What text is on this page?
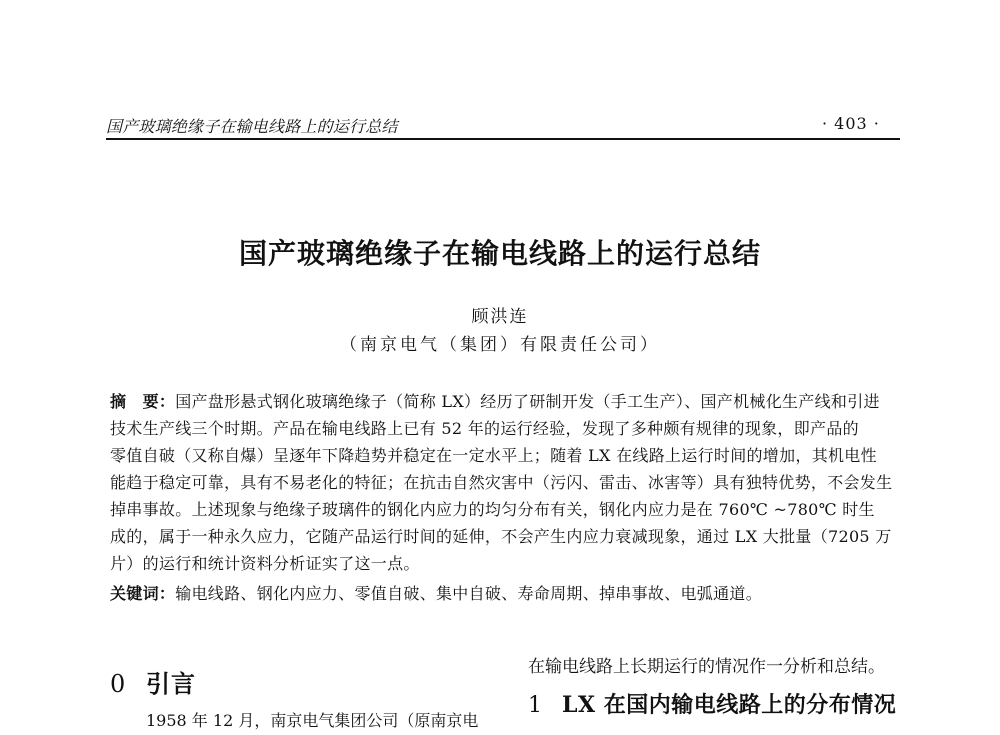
国产玻璃绝缘子在输电线路上的运行总结	· 403 ·
国产玻璃绝缘子在输电线路上的运行总结
顾洪连
（南京电气（集团）有限责任公司）
摘　要：国产盘形悬式钢化玻璃绝缘子（简称 LX）经历了研制开发（手工生产）、国产机械化生产线和引进
技术生产线三个时期。产品在输电线路上已有 52 年的运行经验，发现了多种颇有规律的现象，即产品的
零值自破（又称自爆）呈逐年下降趋势并稳定在一定水平上；随着 LX 在线路上运行时间的增加，其机电性
能趋于稳定可靠，具有不易老化的特征；在抗击自然灾害中（污闪、雷击、冰害等）具有独特优势，不会发生
掉串事故。上述现象与绝缘子玻璃件的钢化内应力的均匀分布有关，钢化内应力是在 760℃ ~780℃ 时生
成的，属于一种永久应力，它随产品运行时间的延伸，不会产生内应力衰减现象，通过 LX 大批量（7205 万
片）的运行和统计资料分析证实了这一点。
关键词：输电线路、钢化内应力、零值自破、集中自破、寿命周期、掉串事故、电弧通道。
0 引言
1958 年 12 月，南京电气集团公司（原南京电
在输电线路上长期运行的情况作一分析和总结。
1 LX 在国内输电线路上的分布情况
